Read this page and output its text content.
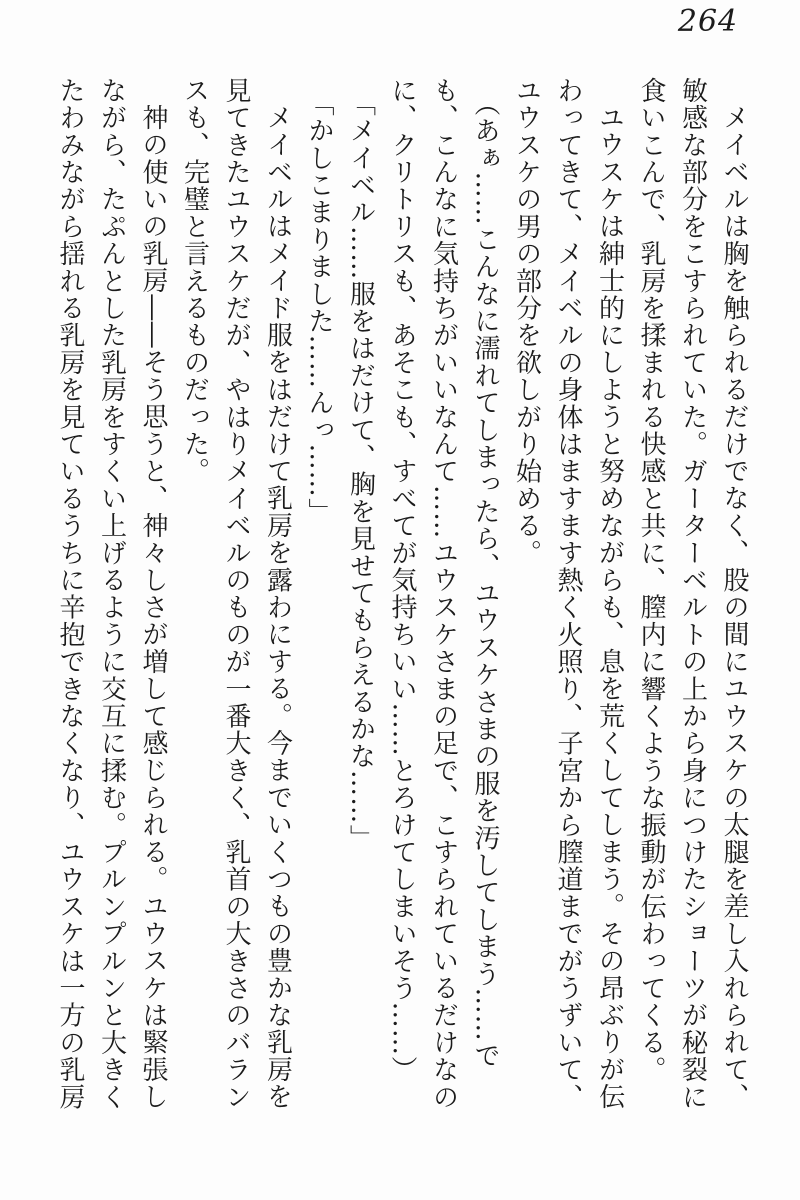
264

メイベルは胸を触られるだけでなく、股の間にユウスケの太腿を差し入れられて、敏感な部分をこすられていた。ガーターベルトの上から身につけたショーツが秘裂に食いこんで、乳房を揉まれる快感と共に、膣内に響くような振動が伝わってくる。

ユウスケは紳士的にしようと努めながらも、息を荒くしてしまう。その昂ぶりが伝わってきて、メイベルの身体はますます熱く火照り、子宮から膣道までがうずいて、ユウスケの男の部分を欲しがり始める。

（あぁ……こんなに濡れてしまったら、ユウスケさまの服を汚してしまう……でも、こんなに気持ちがいいなんて……ユウスケさまの足で、こすられているだけなのに、クリトリスも、あそこも、すべてが気持ちいい……とろけてしまいそう……）

「メイベル……服をはだけて、胸を見せてもらえるかな……」

「かしこまりました……んっ……」

メイベルはメイド服をはだけて乳房を露わにする。今までいくつもの豊かな乳房を見てきたユウスケだが、やはりメイベルのものが一番大きく、乳首の大きさのバランスも、完璧と言えるものだった。

神の使いの乳房――そう思うと、神々しさが増して感じられる。ユウスケは緊張しながら、たぷんとした乳房をすくい上げるように交互に揉む。プルンプルンと大きくたわみながら揺れる乳房を見ているうちに辛抱できなくなり、ユウスケは一方の乳房
